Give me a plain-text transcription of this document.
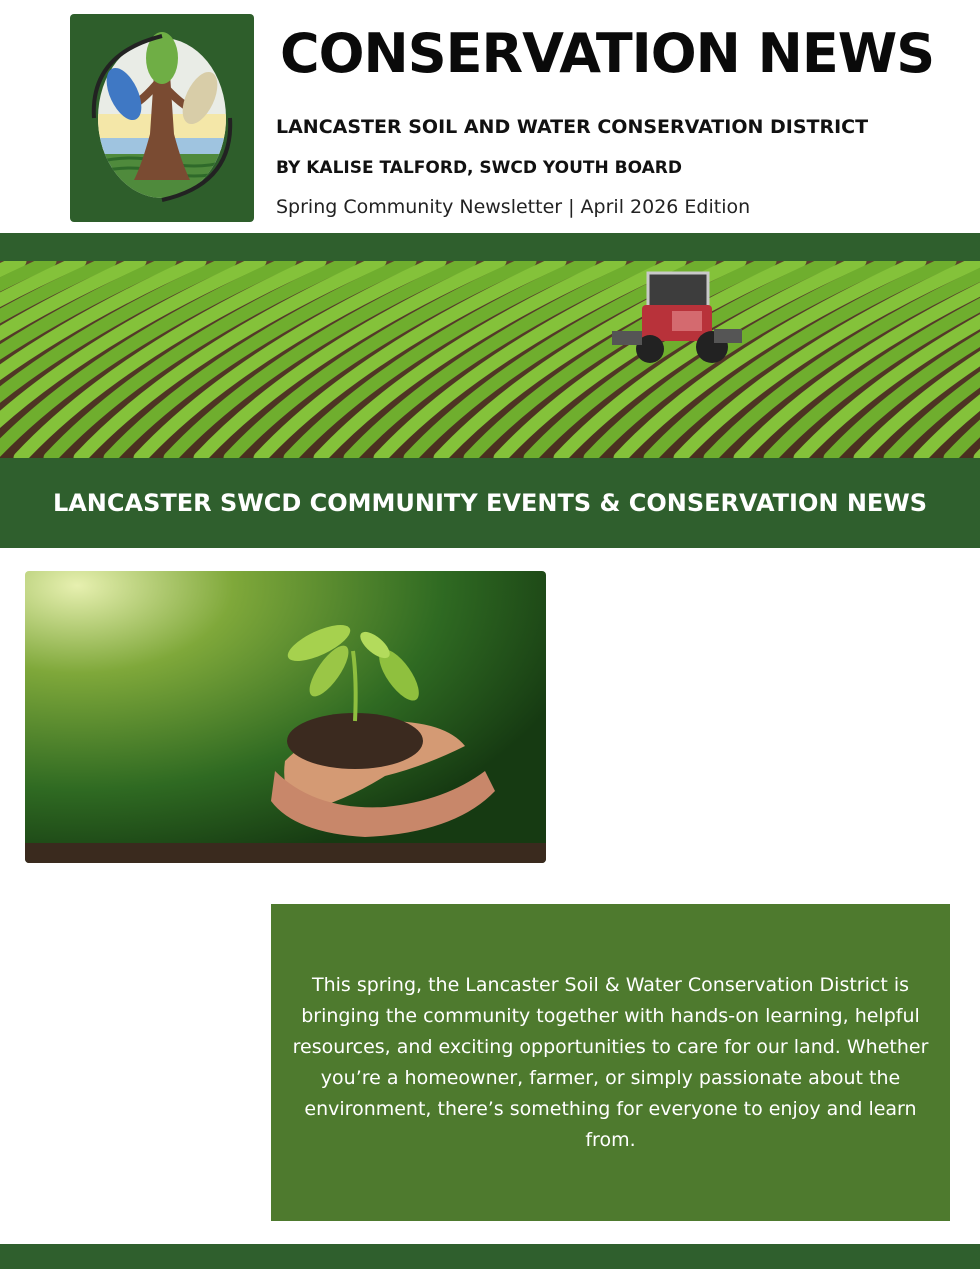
CONSERVATION NEWS
LANCASTER SOIL AND WATER CONSERVATION DISTRICT
BY KALISE TALFORD, SWCD YOUTH BOARD
Spring Community Newsletter | April 2026 Edition
LANCASTER SWCD COMMUNITY EVENTS & CONSERVATION NEWS

This spring, the Lancaster Soil & Water Conservation District is bringing the community together with hands-on learning, helpful resources, and exciting opportunities to care for our land. Whether you’re a homeowner, farmer, or simply passionate about the environment, there’s something for everyone to enjoy and learn from.
